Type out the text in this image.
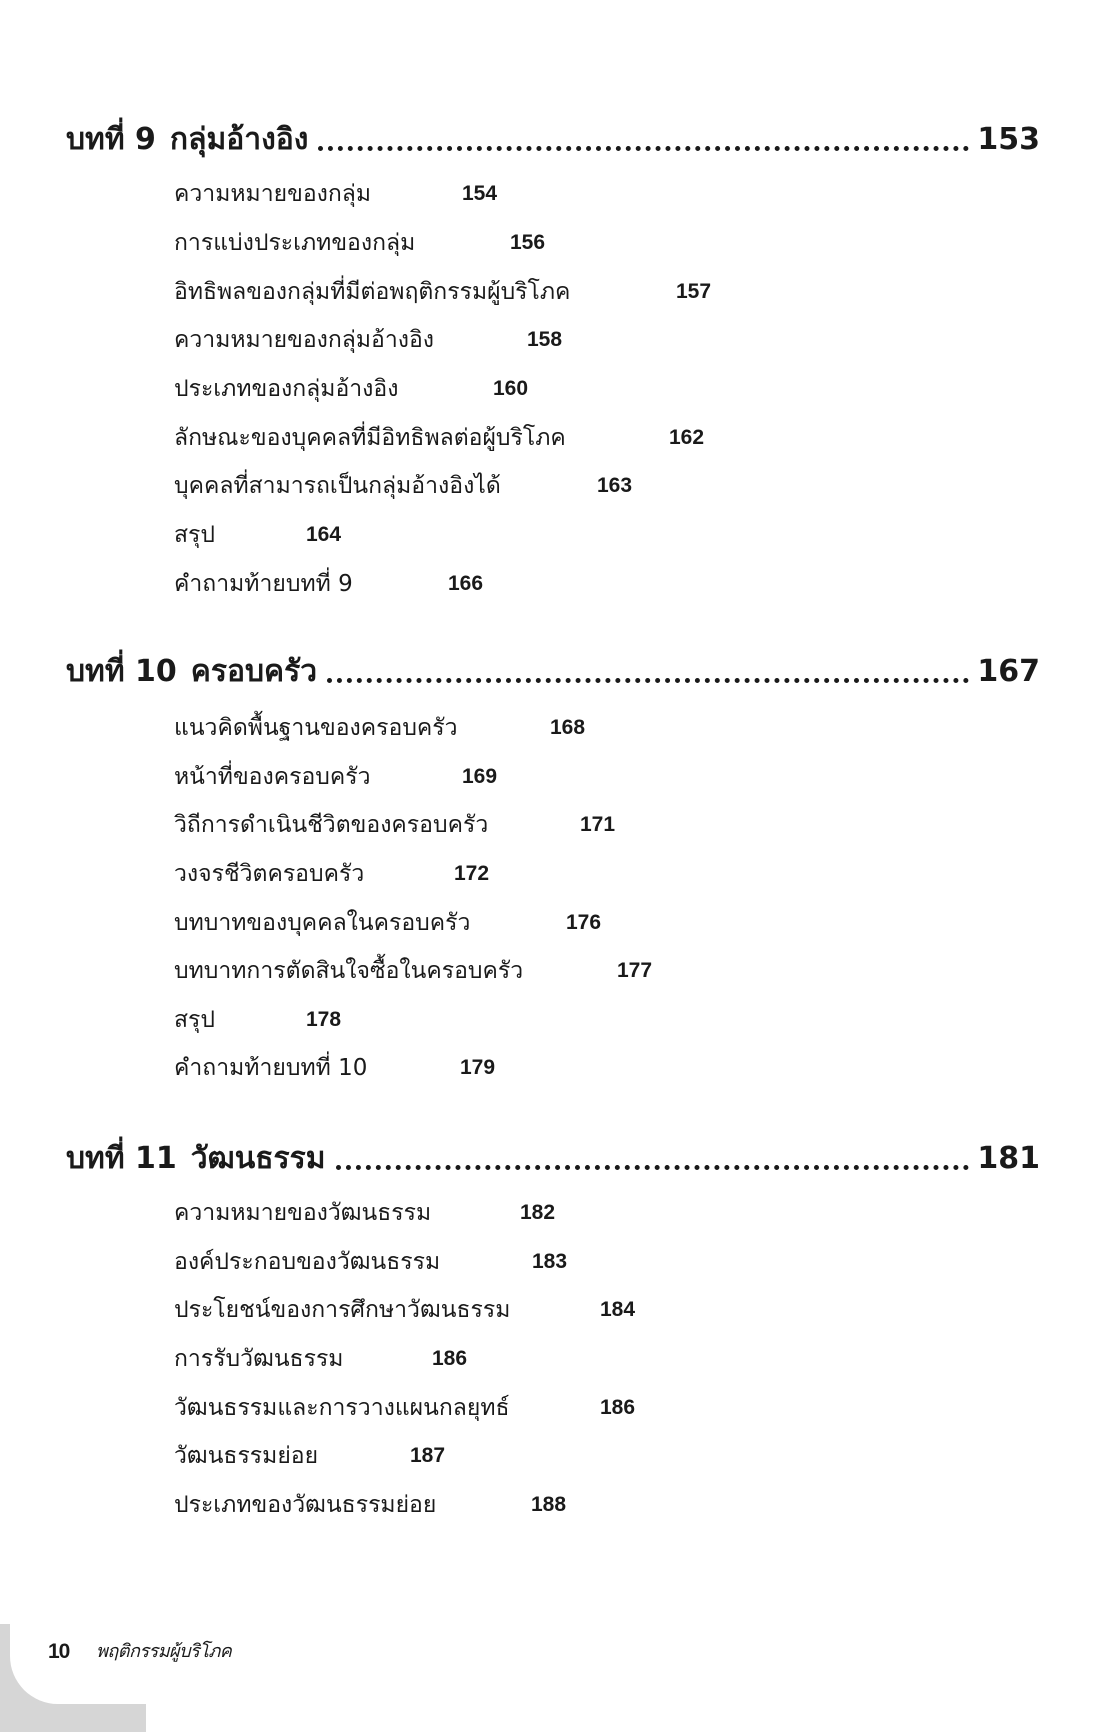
บทที่ 9 กลุ่มอ้างอิง	153
ความหมายของกลุ่ม	154
การแบ่งประเภทของกลุ่ม	156
อิทธิพลของกลุ่มที่มีต่อพฤติกรรมผู้บริโภค	157
ความหมายของกลุ่มอ้างอิง	158
ประเภทของกลุ่มอ้างอิง	160
ลักษณะของบุคคลที่มีอิทธิพลต่อผู้บริโภค	162
บุคคลที่สามารถเป็นกลุ่มอ้างอิงได้	163
สรุป	164
คำถามท้ายบทที่ 9	166
บทที่ 10 ครอบครัว	167
แนวคิดพื้นฐานของครอบครัว	168
หน้าที่ของครอบครัว	169
วิถีการดำเนินชีวิตของครอบครัว	171
วงจรชีวิตครอบครัว	172
บทบาทของบุคคลในครอบครัว	176
บทบาทการตัดสินใจซื้อในครอบครัว	177
สรุป	178
คำถามท้ายบทที่ 10	179
บทที่ 11 วัฒนธรรม	181
ความหมายของวัฒนธรรม	182
องค์ประกอบของวัฒนธรรม	183
ประโยชน์ของการศึกษาวัฒนธรรม	184
การรับวัฒนธรรม	186
วัฒนธรรมและการวางแผนกลยุทธ์	186
วัฒนธรรมย่อย	187
ประเภทของวัฒนธรรมย่อย	188
10 พฤติกรรมผู้บริโภค
